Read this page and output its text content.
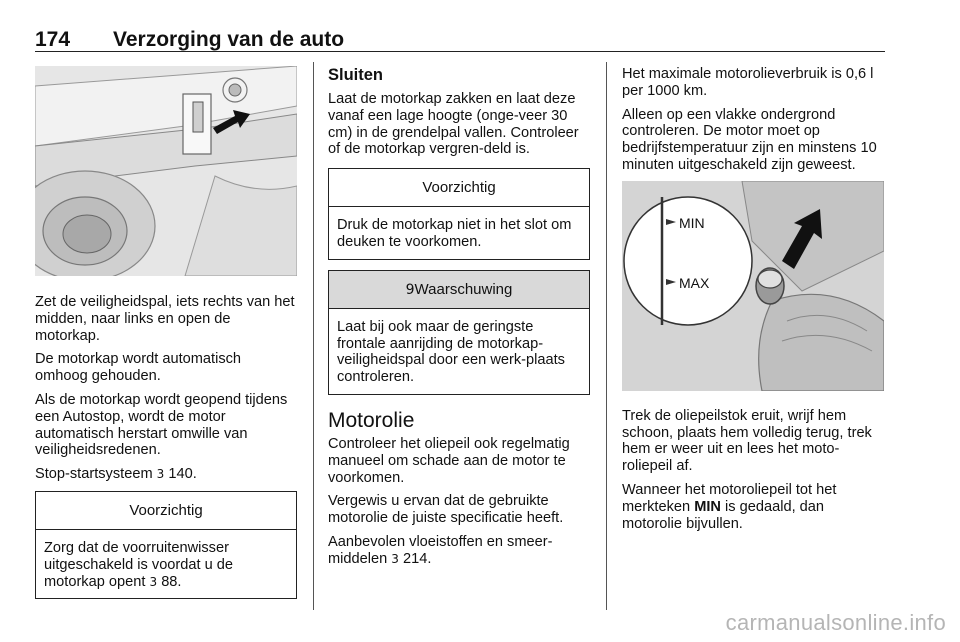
174 Verzorging van de auto

Zet de veiligheidspal, iets rechts van het midden, naar links en open de motorkap.

De motorkap wordt automatisch omhoog gehouden.

Als de motorkap wordt geopend tijdens een Autostop, wordt de motor automatisch herstart omwille van veiligheidsredenen.

Stop-startsysteem 3 140.

Voorzichtig
Zorg dat de voorruitenwisser uitgeschakeld is voordat u de motorkap opent 3 88.
Sluiten

Laat de motorkap zakken en laat deze vanaf een lage hoogte (onge-veer 30 cm) in de grendelpal vallen. Controleer of de motorkap vergren-deld is.

Voorzichtig
Druk de motorkap niet in het slot om deuken te voorkomen.
9Waarschuwing
Laat bij ook maar de geringste frontale aanrijding de motorkap-veiligheidspal door een werk-plaats controleren.
Motorolie

Controleer het oliepeil ook regelmatig manueel om schade aan de motor te voorkomen.

Vergewis u ervan dat de gebruikte motorolie de juiste specificatie heeft.

Aanbevolen vloeistoffen en smeer-middelen 3 214.

Het maximale motorolieverbruik is 0,6 l per 1000 km.

Alleen op een vlakke ondergrond controleren. De motor moet op bedrijfstemperatuur zijn en minstens 10 minuten uitgeschakeld zijn geweest.

MIN
MAX

Trek de oliepeilstok eruit, wrijf hem schoon, plaats hem volledig terug, trek hem er weer uit en lees het moto-roliepeil af.

Wanneer het motoroliepeil tot het merkteken MIN is gedaald, dan motorolie bijvullen.

carmanualsonline.info
